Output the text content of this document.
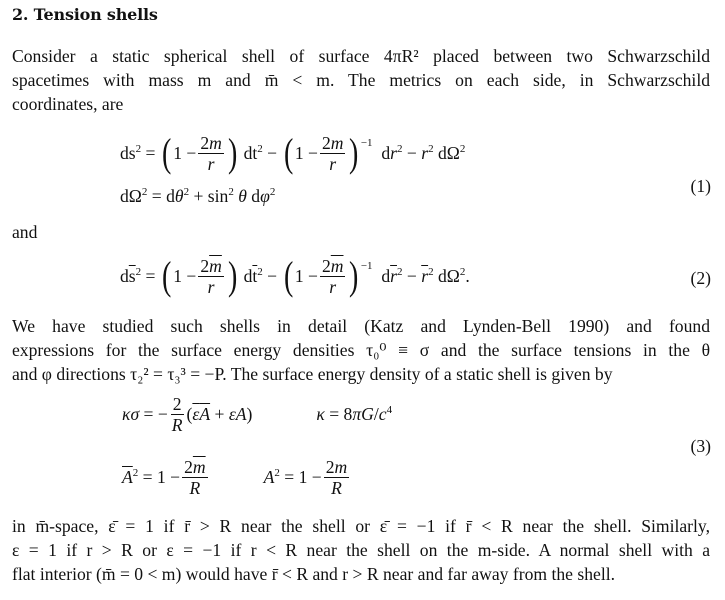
2. Tension shells
Consider a static spherical shell of surface 4πR² placed between two Schwarzschild
spacetimes with mass m and m̄ < m. The metrics on each side, in Schwarzschild
coordinates, are
$ds^2$ = ( $1 - \frac{2m}{r}$ ) $dt^2$ − ( $1 - \frac{2m}{r} )^{-1}$ $dr^2 - r^2$ $d\Omega^2$
$d\Omega^2 = d\theta^2 + \sin^2 \theta$ $d\varphi^2$	(1)
and
$d\overline{s}^2$ = ( $1 - \frac{2\overline{m}}{r}$ ) $d\overline{t}^2$ − ( $1 - \frac{2\overline{m}}{r} )^{-1}$ $d\overline{r}^2 - \overline{r}^2$ $d\Omega^2$.	(2)
We have studied such shells in detail (Katz and Lynden-Bell 1990) and found
expressions for the surface energy densities τ₀⁰ ≡ σ and the surface tensions in the θ
and φ directions τ₂² = τ₃³ = −P. The surface energy density of a static shell is given by
κσ = − $\frac{2}{R} (\overline{\varepsilon}\overline{A} + \varepsilon A)$	$\kappa = 8\pi G/c^4$
(3)
$\overline{A}^2 = 1 - \frac{2\overline{m}}{R}$	$A^2 = 1 - \frac{2m}{R}$
in m̄-space, ε̄ = 1 if r̄ > R near the shell or ε̄ = −1 if r̄ < R near the shell. Similarly,
ε = 1 if r > R or ε = −1 if r < R near the shell on the m-side. A normal shell with a
flat interior (m̄ = 0 < m) would have r̄ < R and r > R near and far away from the shell.
